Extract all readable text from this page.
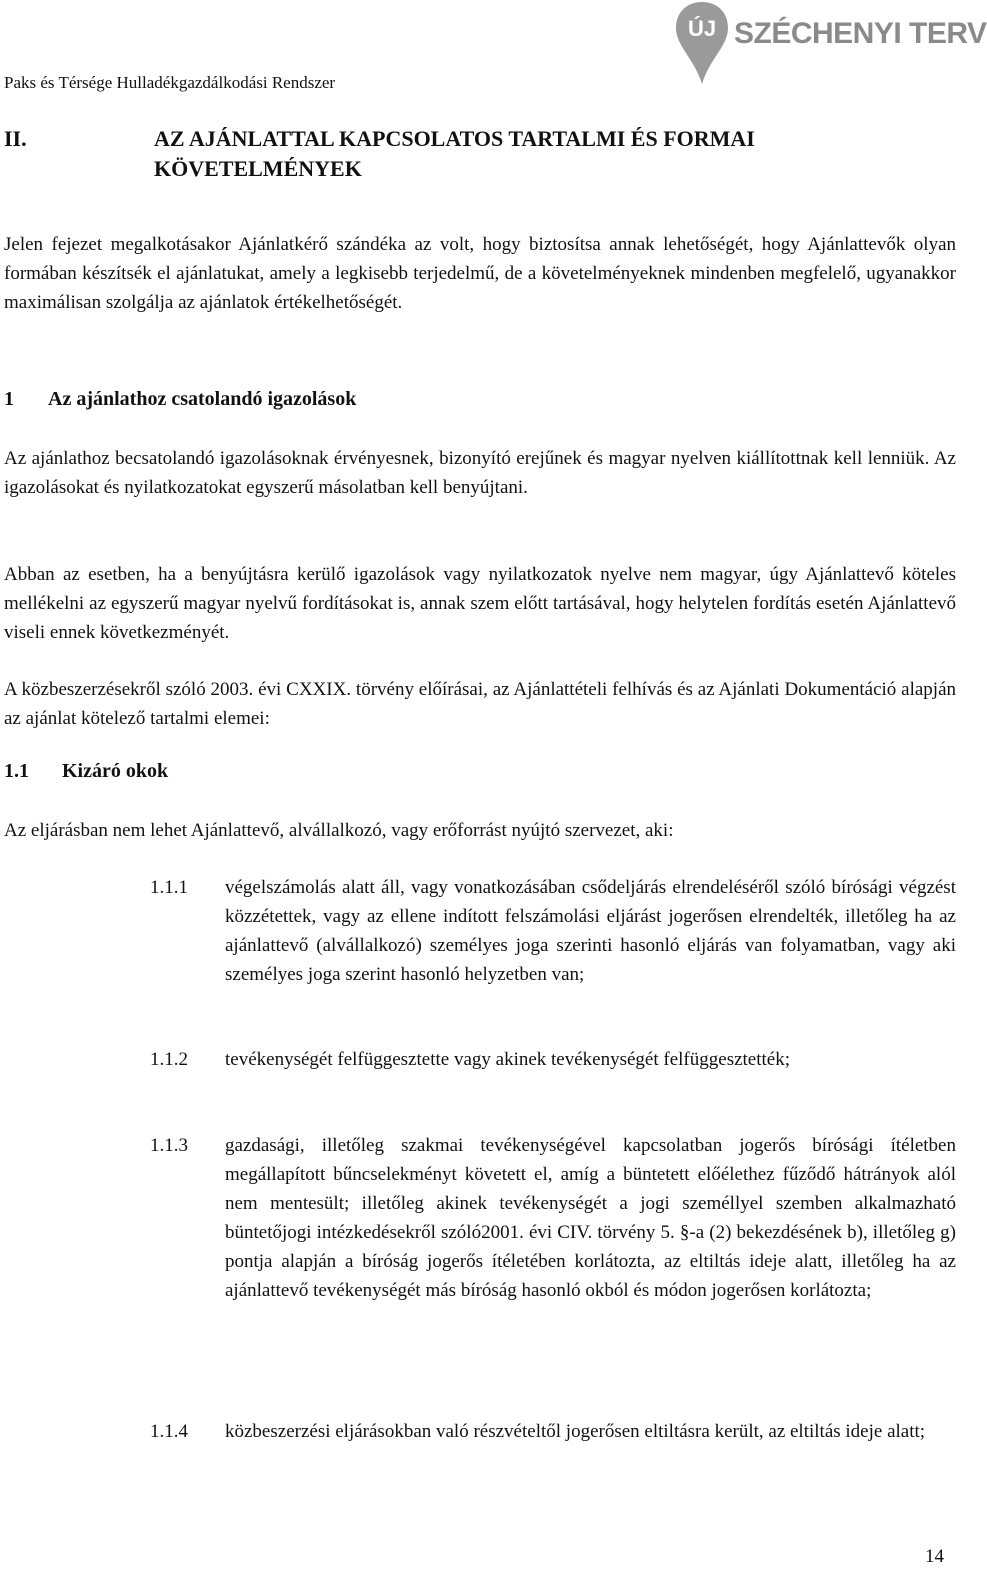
Paks és Térsége Hulladékgazdálkodási Rendszer
ÚJ SZÉCHENYI TERV
II.	AZ AJÁNLATTAL KAPCSOLATOS TARTALMI ÉS FORMAI KÖVETELMÉNYEK

Jelen fejezet megalkotásakor Ajánlatkérő szándéka az volt, hogy biztosítsa annak lehetőségét, hogy Ajánlattevők olyan formában készítsék el ajánlatukat, amely a legkisebb terjedelmű, de a követelményeknek mindenben megfelelő, ugyanakkor maximálisan szolgálja az ajánlatok értékelhetőségét.

1 Az ajánlathoz csatolandó igazolások

Az ajánlathoz becsatolandó igazolásoknak érvényesnek, bizonyító erejűnek és magyar nyelven kiállítottnak kell lenniük. Az igazolásokat és nyilatkozatokat egyszerű másolatban kell benyújtani.

Abban az esetben, ha a benyújtásra kerülő igazolások vagy nyilatkozatok nyelve nem magyar, úgy Ajánlattevő köteles mellékelni az egyszerű magyar nyelvű fordításokat is, annak szem előtt tartásával, hogy helytelen fordítás esetén Ajánlattevő viseli ennek következményét.

A közbeszerzésekről szóló 2003. évi CXXIX. törvény előírásai, az Ajánlattételi felhívás és az Ajánlati Dokumentáció alapján az ajánlat kötelező tartalmi elemei:

1.1 Kizáró okok

Az eljárásban nem lehet Ajánlattevő, alvállalkozó, vagy erőforrást nyújtó szervezet, aki:

1.1.1 végelszámolás alatt áll, vagy vonatkozásában csődeljárás elrendeléséről szóló bírósági végzést közzétettek, vagy az ellene indított felszámolási eljárást jogerősen elrendelték, illetőleg ha az ajánlattevő (alvállalkozó) személyes joga szerinti hasonló eljárás van folyamatban, vagy aki személyes joga szerint hasonló helyzetben van;

1.1.2 tevékenységét felfüggesztette vagy akinek tevékenységét felfüggesztették;

1.1.3 gazdasági, illetőleg szakmai tevékenységével kapcsolatban jogerős bírósági ítéletben megállapított bűncselekményt követett el, amíg a büntetett előélethez fűződő hátrányok alól nem mentesült; illetőleg akinek tevékenységét a jogi személlyel szemben alkalmazható büntetőjogi intézkedésekről szóló2001. évi CIV. törvény 5. §-a (2) bekezdésének b), illetőleg g) pontja alapján a bíróság jogerős ítéletében korlátozta, az eltiltás ideje alatt, illetőleg ha az ajánlattevő tevékenységét más bíróság hasonló okból és módon jogerősen korlátozta;

1.1.4 közbeszerzési eljárásokban való részvételtől jogerősen eltiltásra került, az eltiltás ideje alatt;

14
